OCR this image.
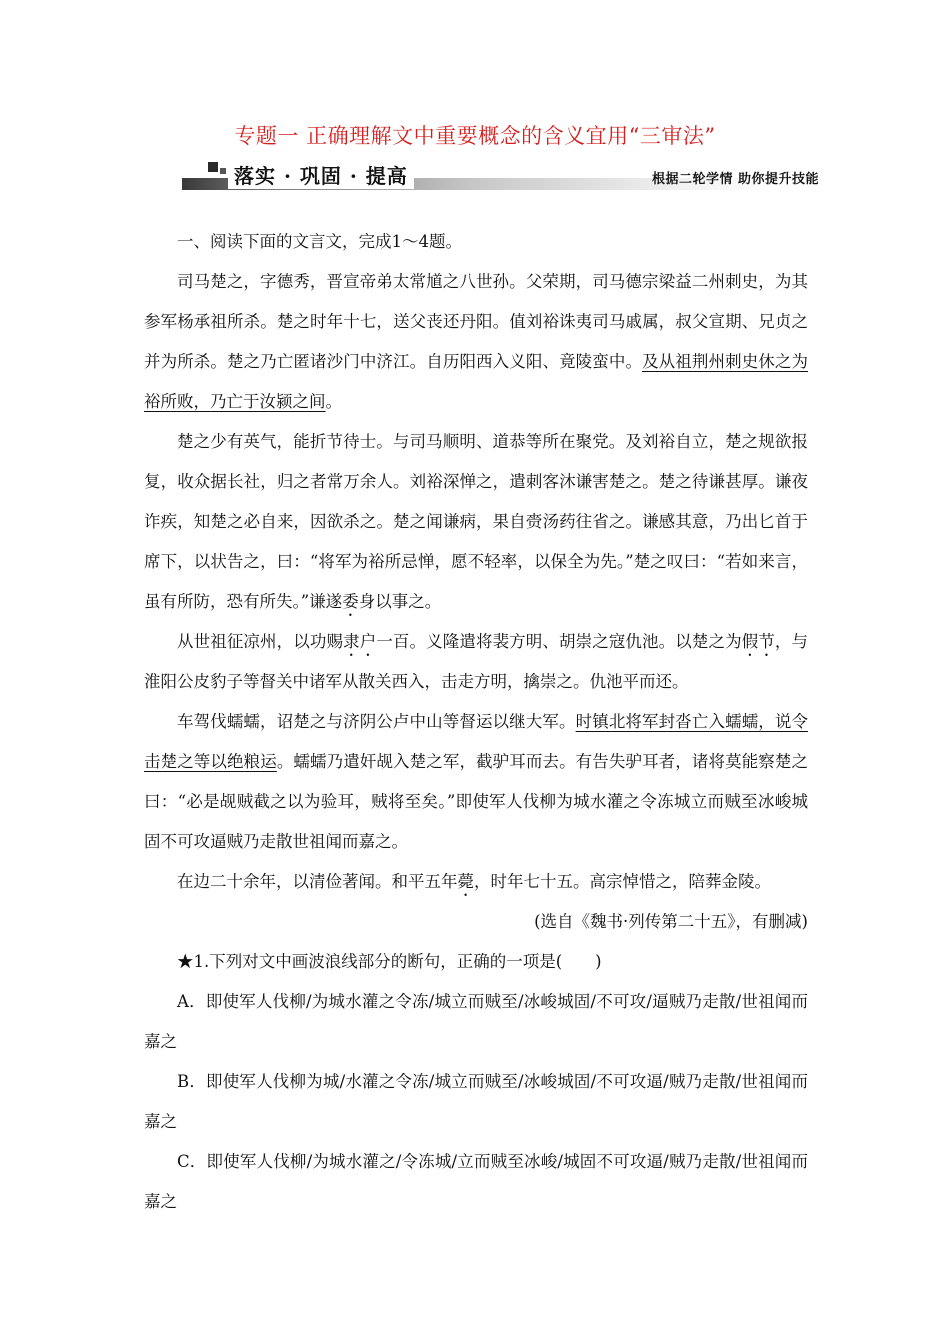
专题一 正确理解文中重要概念的含义宜用“三审法”
落实 · 巩固 · 提高	根据二轮学情 助你提升技能

一、阅读下面的文言文，完成1～4题。

司马楚之，字德秀，晋宣帝弟太常馗之八世孙。父荣期，司马德宗梁益二州刺史，为其参军杨承祖所杀。楚之时年十七，送父丧还丹阳。值刘裕诛夷司马戚属，叔父宣期、兄贞之并为所杀。楚之乃亡匿诸沙门中济江。自历阳西入义阳、竟陵蛮中。及从祖荆州刺史休之为裕所败，乃亡于汝颍之间。

楚之少有英气，能折节待士。与司马顺明、道恭等所在聚党。及刘裕自立，楚之规欲报复，收众据长社，归之者常万余人。刘裕深惮之，遣刺客沐谦害楚之。楚之待谦甚厚。谦夜诈疾，知楚之必自来，因欲杀之。楚之闻谦病，果自赍汤药往省之。谦感其意，乃出匕首于席下，以状告之，曰：“将军为裕所忌惮，愿不轻率，以保全为先。”楚之叹曰：“若如来言，虽有所防，恐有所失。”谦遂委身以事之。

从世祖征凉州，以功赐隶户一百。义隆遣将裴方明、胡崇之寇仇池。以楚之为假节，与淮阳公皮豹子等督关中诸军从散关西入，击走方明，擒崇之。仇池平而还。

车驾伐蠕蠕，诏楚之与济阴公卢中山等督运以继大军。时镇北将军封沓亡入蠕蠕，说令击楚之等以绝粮运。蠕蠕乃遣奸觇入楚之军，截驴耳而去。有告失驴耳者，诸将莫能察楚之曰：“必是觇贼截之以为验耳，贼将至矣。”即使军人伐柳为城水灌之令冻城立而贼至冰峻城固不可攻逼贼乃走散世祖闻而嘉之。

在边二十余年，以清俭著闻。和平五年薨，时年七十五。高宗悼惜之，陪葬金陵。

(选自《魏书·列传第二十五》，有删减)

★1.下列对文中画波浪线部分的断句，正确的一项是(　　)

A．即使军人伐柳/为城水灌之令冻/城立而贼至/冰峻城固/不可攻/逼贼乃走散/世祖闻而嘉之

B．即使军人伐柳为城/水灌之令冻/城立而贼至/冰峻城固/不可攻逼/贼乃走散/世祖闻而嘉之

C．即使军人伐柳/为城水灌之/令冻城/立而贼至冰峻/城固不可攻逼/贼乃走散/世祖闻而嘉之
